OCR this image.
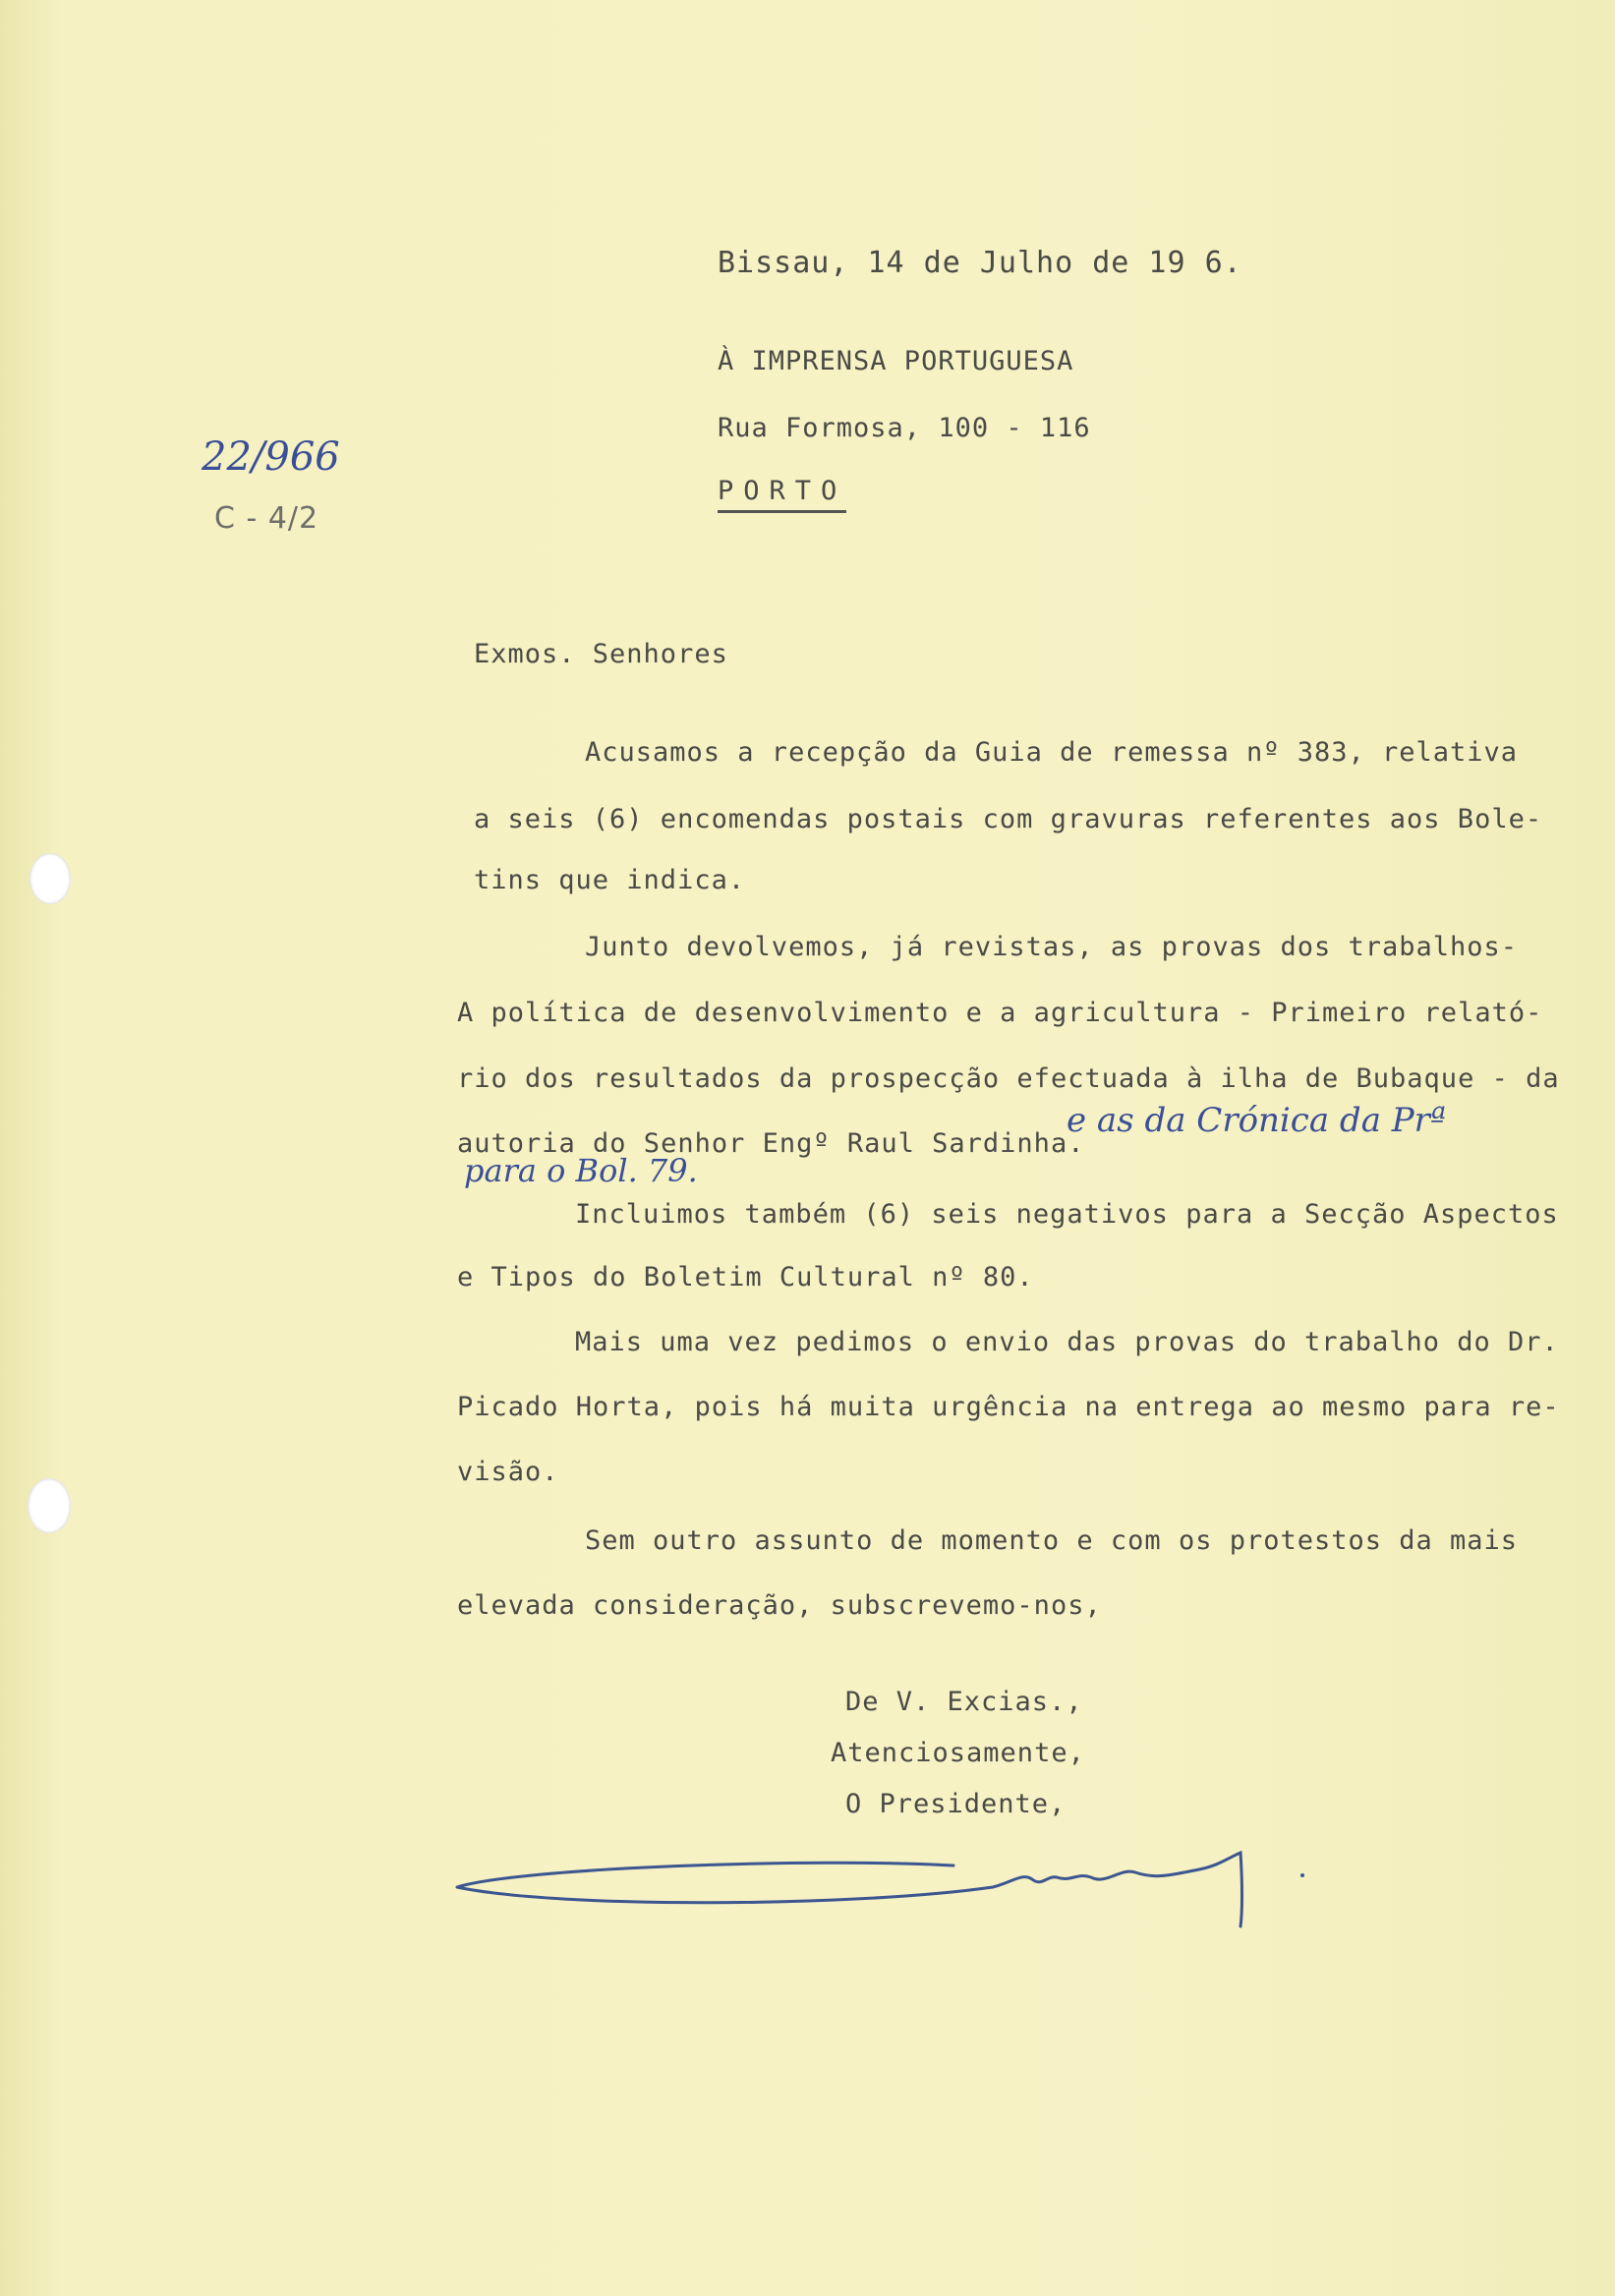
22/966
C - 4/2
Bissau, 14 de Julho de 19 6.
À IMPRENSA PORTUGUESA
Rua Formosa, 100 - 116
PORTO
Exmos. Senhores
Acusamos a recepção da Guia de remessa nº 383, relativa
a seis (6) encomendas postais com gravuras referentes aos Bole-
tins que indica.
Junto devolvemos, já revistas, as provas dos trabalhos-
A política de desenvolvimento e a agricultura - Primeiro relató-
rio dos resultados da prospecção efectuada à ilha de Bubaque - da
autoria do Senhor Engº Raul Sardinha.
e as da Crónica da Prª
para o Bol. 79.
Incluimos também (6) seis negativos para a Secção Aspectos
e Tipos do Boletim Cultural nº 80.
Mais uma vez pedimos o envio das provas do trabalho do Dr.
Picado Horta, pois há muita urgência na entrega ao mesmo para re-
visão.
Sem outro assunto de momento e com os protestos da mais
elevada consideração, subscrevemo-nos,
De V. Excias.,
Atenciosamente,
O Presidente,
